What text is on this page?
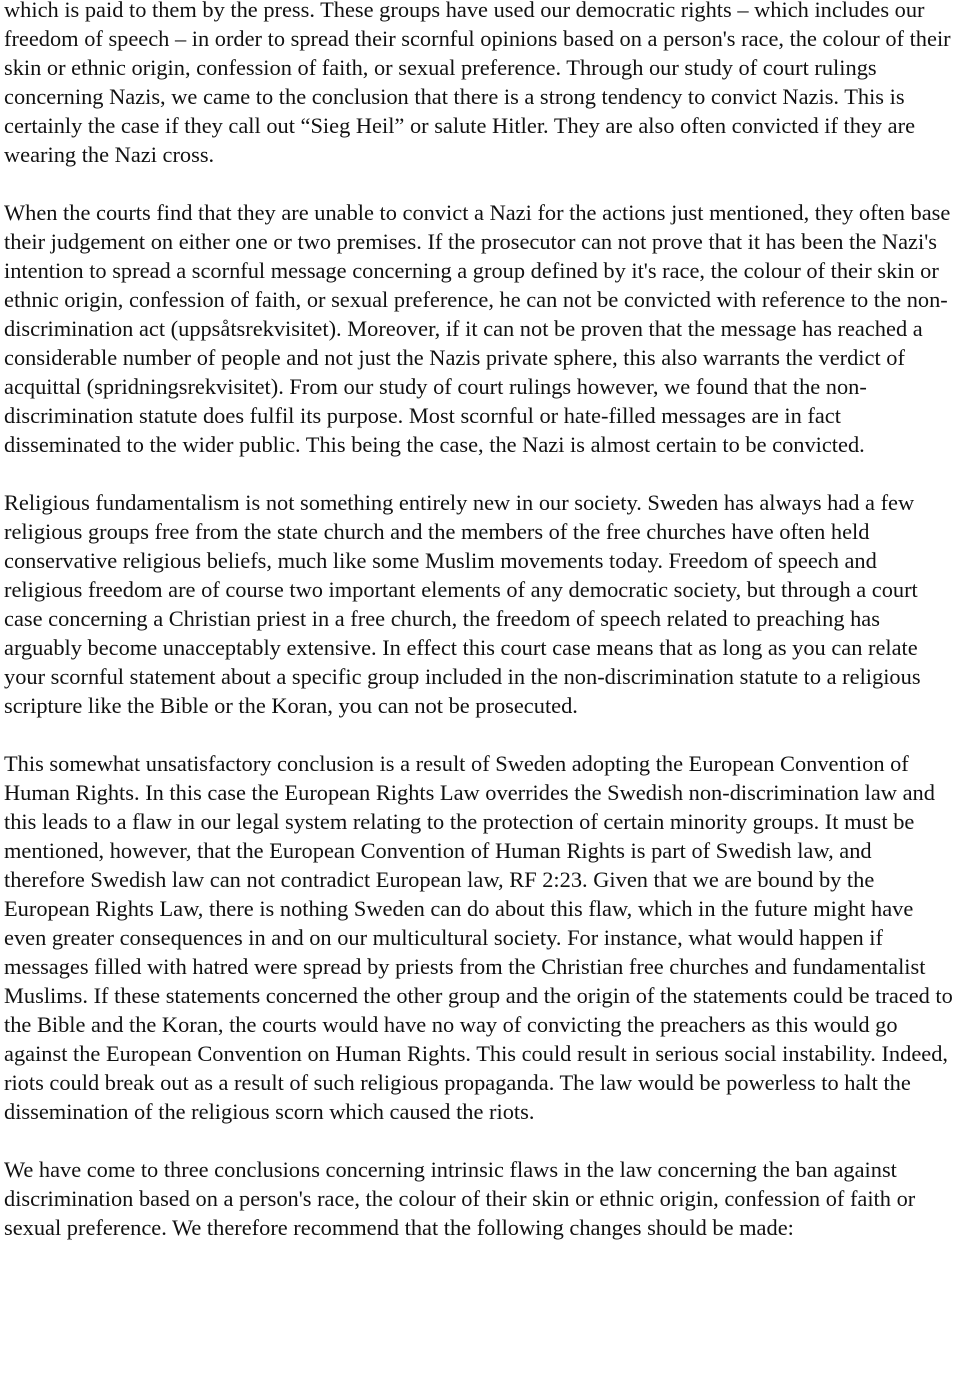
which is paid to them by the press. These groups have used our democratic rights – which includes our freedom of speech – in order to spread their scornful opinions based on a person's race, the colour of their skin or ethnic origin, confession of faith, or sexual preference. Through our study of court rulings concerning Nazis, we came to the conclusion that there is a strong tendency to convict Nazis. This is certainly the case if they call out “Sieg Heil” or salute Hitler. They are also often convicted if they are wearing the Nazi cross.

When the courts find that they are unable to convict a Nazi for the actions just mentioned, they often base their judgement on either one or two premises. If the prosecutor can not prove that it has been the Nazi's intention to spread a scornful message concerning a group defined by it's race, the colour of their skin or ethnic origin, confession of faith, or sexual preference, he can not be convicted with reference to the non-discrimination act (uppsåtsrekvisitet). Moreover, if it can not be proven that the message has reached a considerable number of people and not just the Nazis private sphere, this also warrants the verdict of acquittal (spridningsrekvisitet). From our study of court rulings however, we found that the non-discrimination statute does fulfil its purpose. Most scornful or hate-filled messages are in fact disseminated to the wider public. This being the case, the Nazi is almost certain to be convicted.

Religious fundamentalism is not something entirely new in our society. Sweden has always had a few religious groups free from the state church and the members of the free churches have often held conservative religious beliefs, much like some Muslim movements today. Freedom of speech and religious freedom are of course two important elements of any democratic society, but through a court case concerning a Christian priest in a free church, the freedom of speech related to preaching has arguably become unacceptably extensive. In effect this court case means that as long as you can relate your scornful statement about a specific group included in the non-discrimination statute to a religious scripture like the Bible or the Koran, you can not be prosecuted.

This somewhat unsatisfactory conclusion is a result of Sweden adopting the European Convention of Human Rights. In this case the European Rights Law overrides the Swedish non-discrimination law and this leads to a flaw in our legal system relating to the protection of certain minority groups. It must be mentioned, however, that the European Convention of Human Rights is part of Swedish law, and therefore Swedish law can not contradict European law, RF 2:23. Given that we are bound by the European Rights Law, there is nothing Sweden can do about this flaw, which in the future might have even greater consequences in and on our multicultural society. For instance, what would happen if messages filled with hatred were spread by priests from the Christian free churches and fundamentalist Muslims. If these statements concerned the other group and the origin of the statements could be traced to the Bible and the Koran, the courts would have no way of convicting the preachers as this would go against the European Convention on Human Rights. This could result in serious social instability. Indeed, riots could break out as a result of such religious propaganda. The law would be powerless to halt the dissemination of the religious scorn which caused the riots.

We have come to three conclusions concerning intrinsic flaws in the law concerning the ban against discrimination based on a person's race, the colour of their skin or ethnic origin, confession of faith or sexual preference. We therefore recommend that the following changes should be made:
